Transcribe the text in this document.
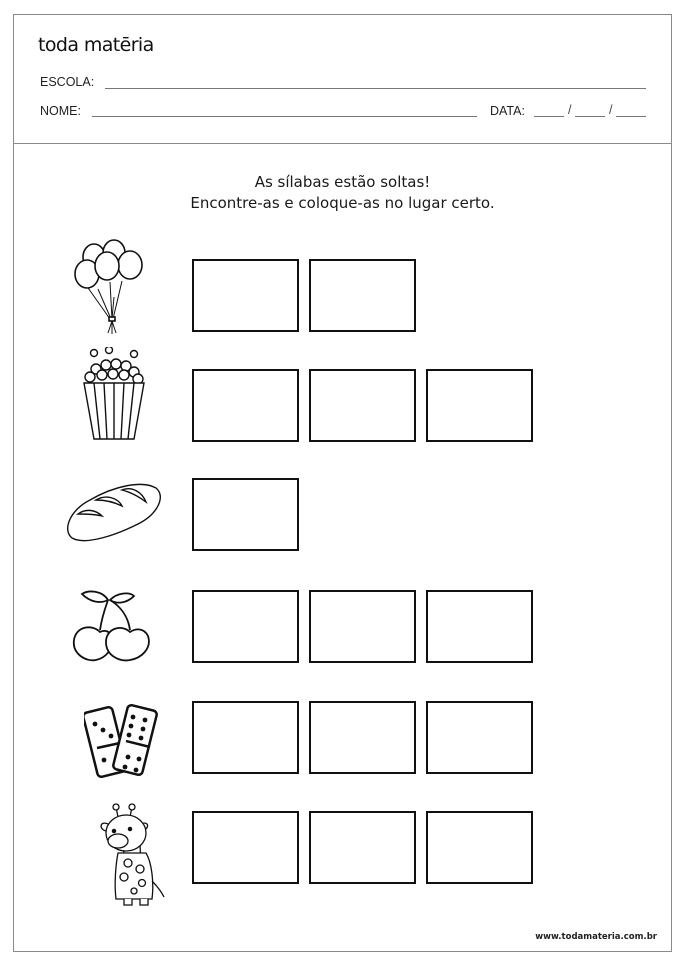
toda matēria
ESCOLA:
NOME:	DATA:	/	/
As sílabas estão soltas!
Encontre-as e coloque-as no lugar certo.
www.todamateria.com.br
